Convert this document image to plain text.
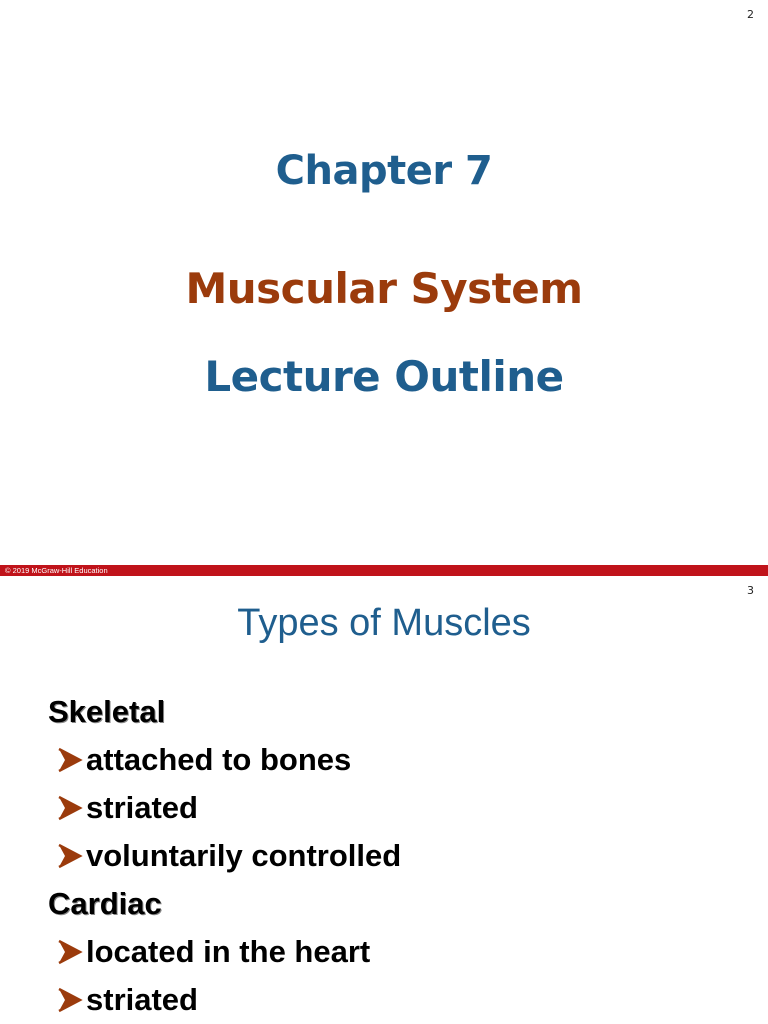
2
Chapter 7
Muscular System
Lecture Outline
© 2019 McGraw-Hill Education
3
Types of Muscles
Skeletal
attached to bones
striated
voluntarily controlled
Cardiac
located in the heart
striated
